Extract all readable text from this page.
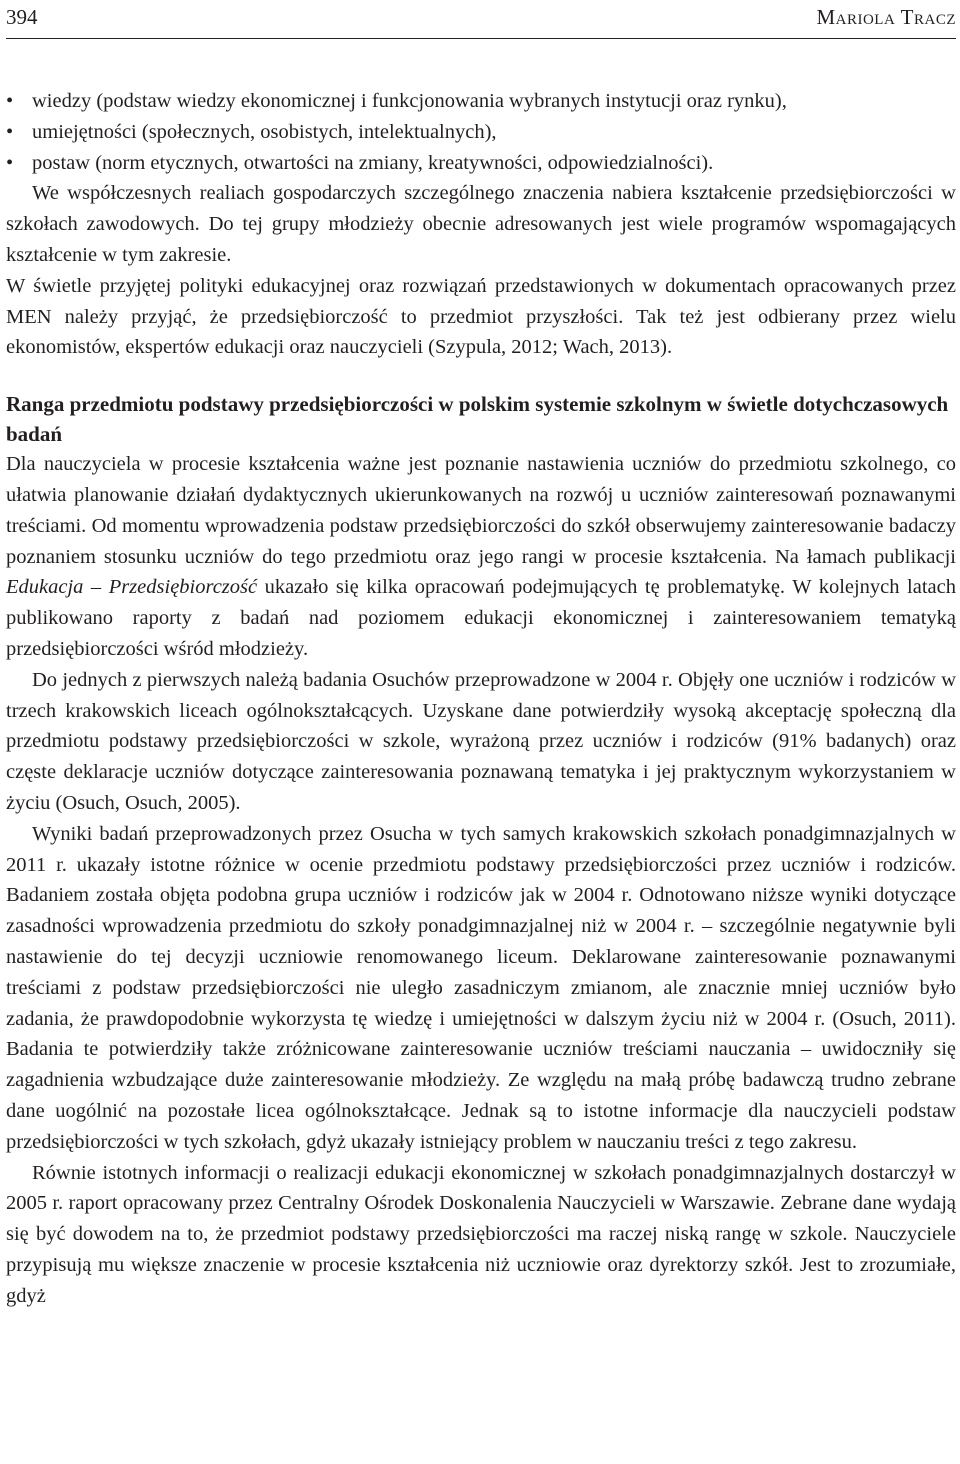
394	Mariola Tracz
• wiedzy (podstaw wiedzy ekonomicznej i funkcjonowania wybranych instytucji oraz rynku),
• umiejętności (społecznych, osobistych, intelektualnych),
• postaw (norm etycznych, otwartości na zmiany, kreatywności, odpowiedzialności).

We współczesnych realiach gospodarczych szczególnego znaczenia nabiera kształcenie przedsiębiorczości w szkołach zawodowych. Do tej grupy młodzieży obecnie adresowanych jest wiele programów wspomagających kształcenie w tym zakresie.

W świetle przyjętej polityki edukacyjnej oraz rozwiązań przedstawionych w dokumentach opracowanych przez MEN należy przyjąć, że przedsiębiorczość to przedmiot przyszłości. Tak też jest odbierany przez wielu ekonomistów, ekspertów edukacji oraz nauczycieli (Szypula, 2012; Wach, 2013).

Ranga przedmiotu podstawy przedsiębiorczości w polskim systemie szkolnym w świetle dotychczasowych badań

Dla nauczyciela w procesie kształcenia ważne jest poznanie nastawienia uczniów do przedmiotu szkolnego, co ułatwia planowanie działań dydaktycznych ukierunkowanych na rozwój u uczniów zainteresowań poznawanymi treściami. Od momentu wprowadzenia podstaw przedsiębiorczości do szkół obserwujemy zainteresowanie badaczy poznaniem stosunku uczniów do tego przedmiotu oraz jego rangi w procesie kształcenia. Na łamach publikacji Edukacja – Przedsiębiorczość ukazało się kilka opracowań podejmujących tę problematykę. W kolejnych latach publikowano raporty z badań nad poziomem edukacji ekonomicznej i zainteresowaniem tematyką przedsiębiorczości wśród młodzieży.

Do jednych z pierwszych należą badania Osuchów przeprowadzone w 2004 r. Objęły one uczniów i rodziców w trzech krakowskich liceach ogólnokształcących. Uzyskane dane potwierdziły wysoką akceptację społeczną dla przedmiotu podstawy przedsiębiorczości w szkole, wyrażoną przez uczniów i rodziców (91% badanych) oraz częste deklaracje uczniów dotyczące zainteresowania poznawaną tematyka i jej praktycznym wykorzystaniem w życiu (Osuch, Osuch, 2005).

Wyniki badań przeprowadzonych przez Osucha w tych samych krakowskich szkołach ponadgimnazjalnych w 2011 r. ukazały istotne różnice w ocenie przedmiotu podstawy przedsiębiorczości przez uczniów i rodziców. Badaniem została objęta podobna grupa uczniów i rodziców jak w 2004 r. Odnotowano niższe wyniki dotyczące zasadności wprowadzenia przedmiotu do szkoły ponadgimnazjalnej niż w 2004 r. – szczególnie negatywnie byli nastawienie do tej decyzji uczniowie renomowanego liceum. Deklarowane zainteresowanie poznawanymi treściami z podstaw przedsiębiorczości nie uległo zasadniczym zmianom, ale znacznie mniej uczniów było zadania, że prawdopodobnie wykorzysta tę wiedzę i umiejętności w dalszym życiu niż w 2004 r. (Osuch, 2011). Badania te potwierdziły także zróżnicowane zainteresowanie uczniów treściami nauczania – uwidoczniły się zagadnienia wzbudzające duże zainteresowanie młodzieży. Ze względu na małą próbę badawczą trudno zebrane dane uogólnić na pozostałe licea ogólnokształcące. Jednak są to istotne informacje dla nauczycieli podstaw przedsiębiorczości w tych szkołach, gdyż ukazały istniejący problem w nauczaniu treści z tego zakresu.

Równie istotnych informacji o realizacji edukacji ekonomicznej w szkołach ponadgimnazjalnych dostarczył w 2005 r. raport opracowany przez Centralny Ośrodek Doskonalenia Nauczycieli w Warszawie. Zebrane dane wydają się być dowodem na to, że przedmiot podstawy przedsiębiorczości ma raczej niską rangę w szkole. Nauczyciele przypisują mu większe znaczenie w procesie kształcenia niż uczniowie oraz dyrektorzy szkół. Jest to zrozumiałe, gdyż
